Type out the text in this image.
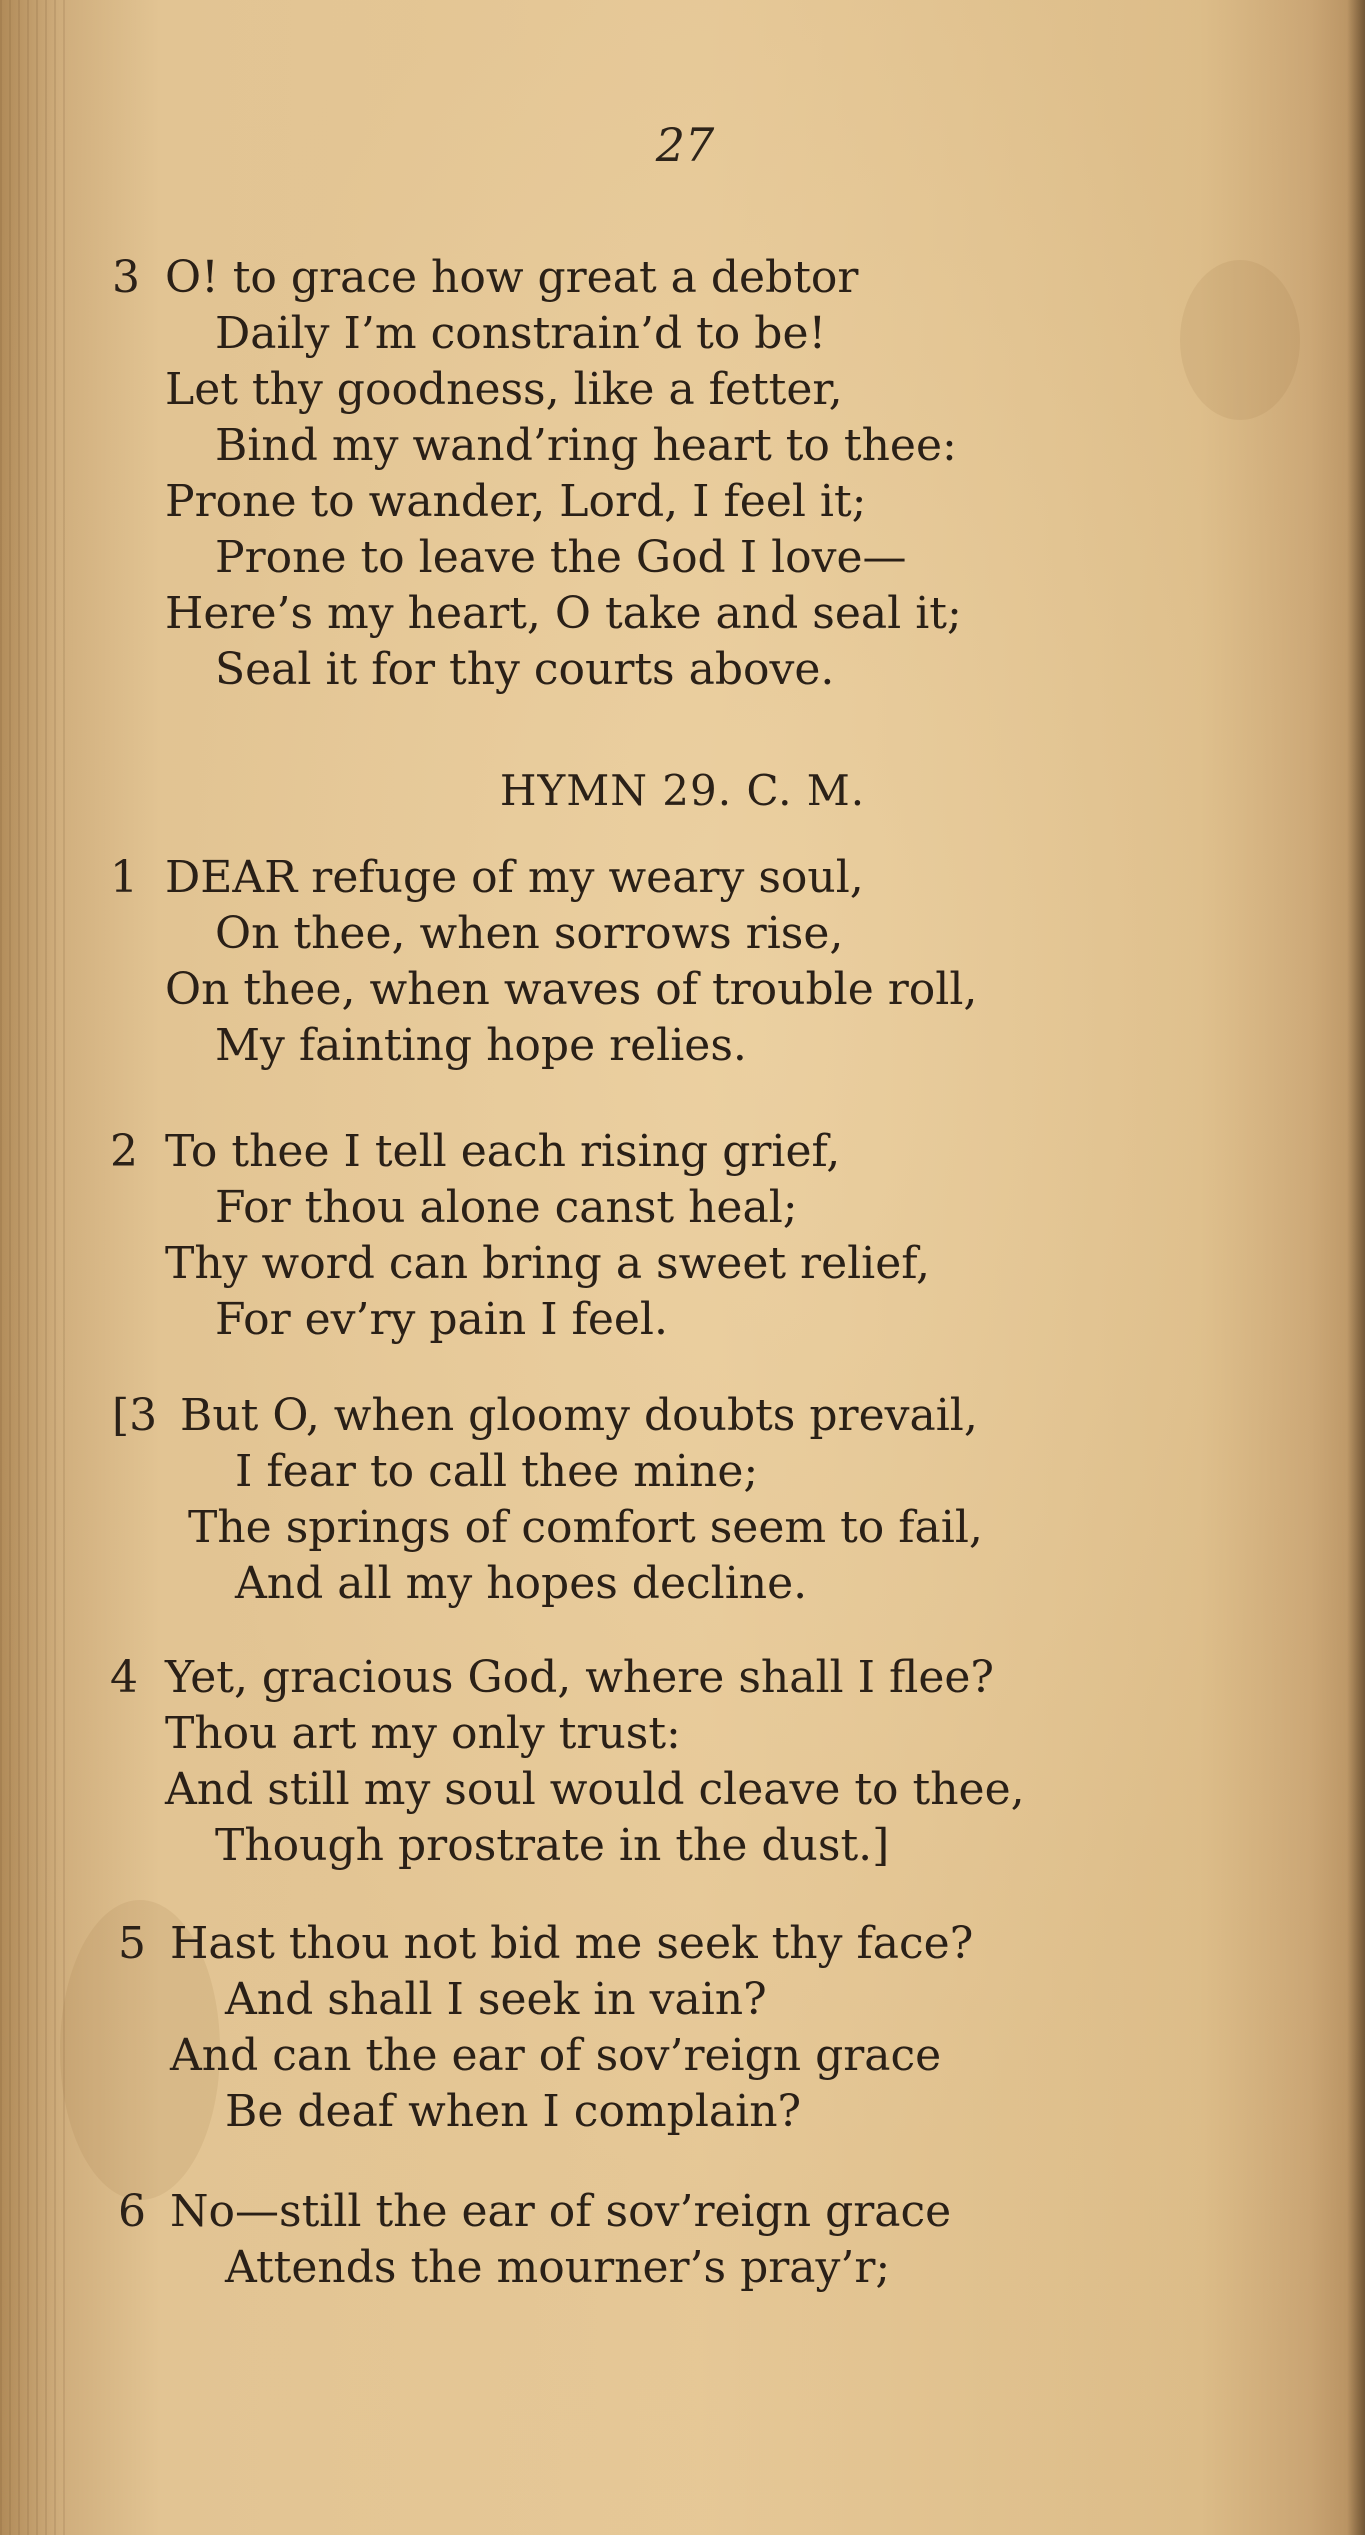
27
3 O! to grace how great a debtor
Daily I’m constrain’d to be!
Let thy goodness, like a fetter,
Bind my wand’ring heart to thee:
Prone to wander, Lord, I feel it;
Prone to leave the God I love—
Here’s my heart, O take and seal it;
Seal it for thy courts above.
HYMN 29. C. M.
1 DEAR refuge of my weary soul,
On thee, when sorrows rise,
On thee, when waves of trouble roll,
My fainting hope relies.
2 To thee I tell each rising grief,
For thou alone canst heal;
Thy word can bring a sweet relief,
For ev’ry pain I feel.
[3 But O, when gloomy doubts prevail,
I fear to call thee mine;
The springs of comfort seem to fail,
And all my hopes decline.
4 Yet, gracious God, where shall I flee?
Thou art my only trust:
And still my soul would cleave to thee,
Though prostrate in the dust.]
5 Hast thou not bid me seek thy face?
And shall I seek in vain?
And can the ear of sov’reign grace
Be deaf when I complain?
6 No—still the ear of sov’reign grace
Attends the mourner’s pray’r;
